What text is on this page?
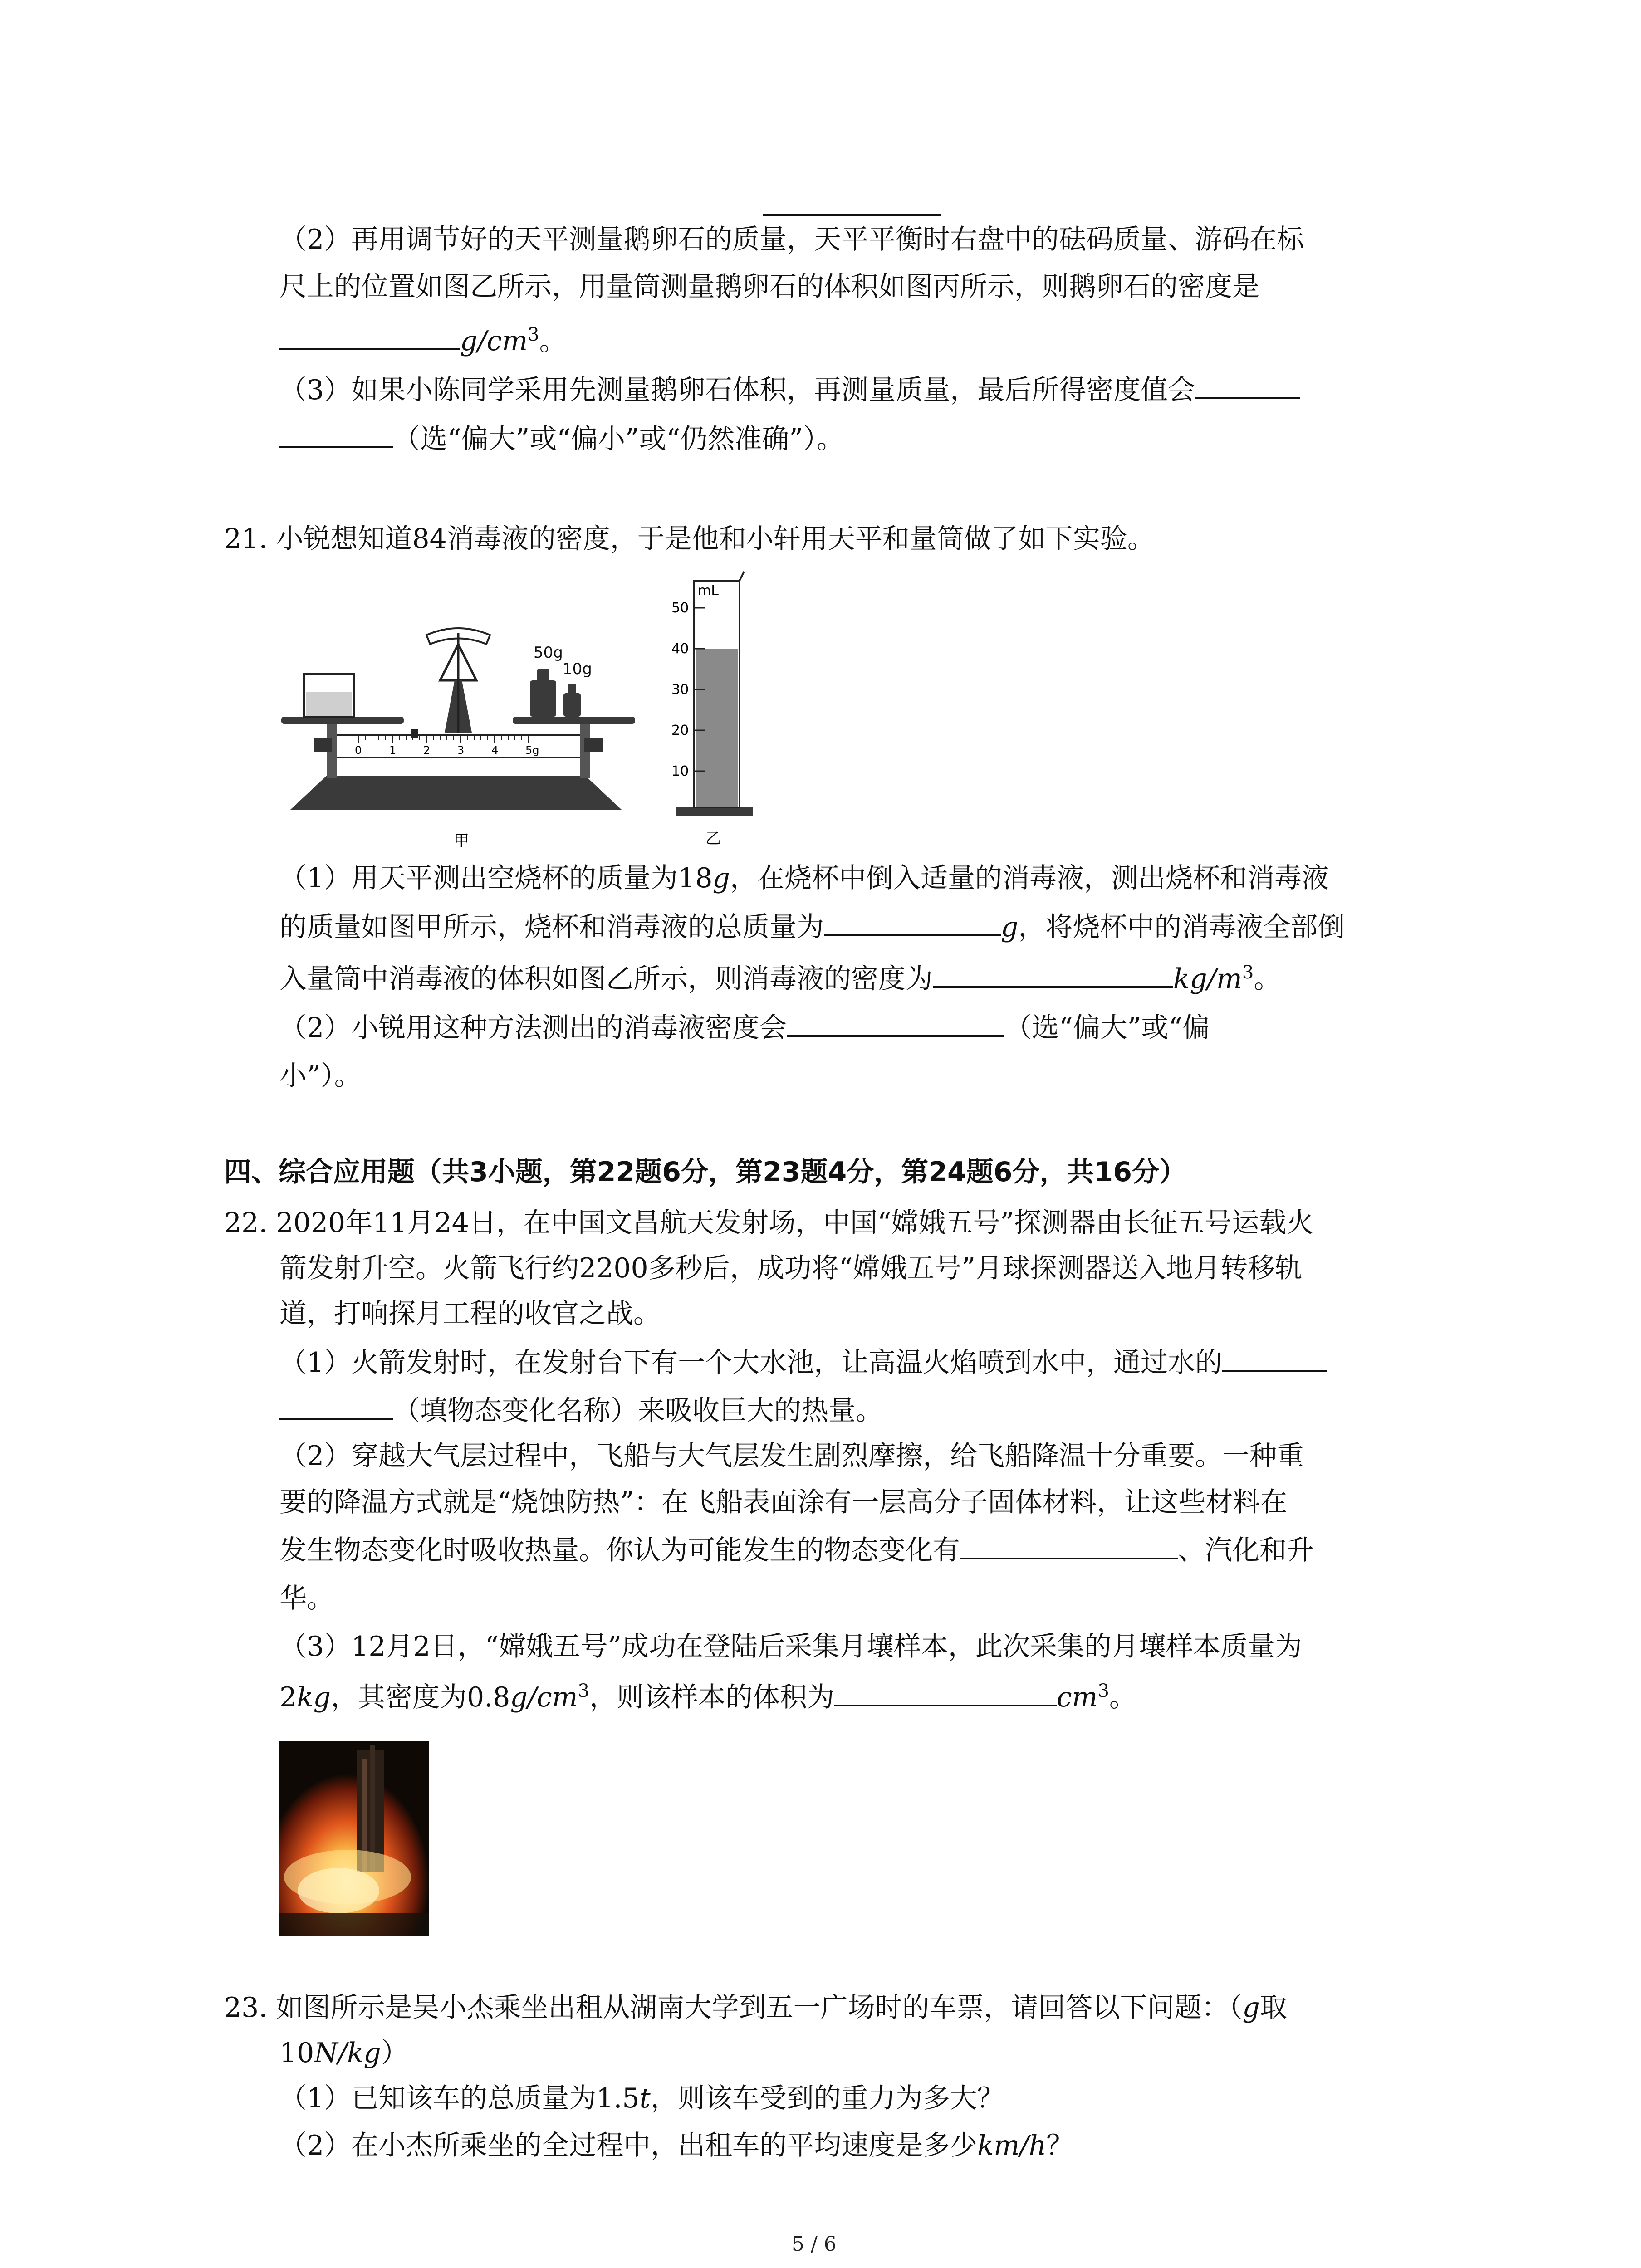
（2）再用调节好的天平测量鹅卵石的质量，天平平衡时右盘中的砝码质量、游码在标
尺上的位置如图乙所示，用量筒测量鹅卵石的体积如图丙所示，则鹅卵石的密度是
$g/cm^3$。
（3）如果小陈同学采用先测量鹅卵石体积，再测量质量，最后所得密度值会
（选“偏大”或“偏小”或“仍然准确”）。
21. 小锐想知道84消毒液的密度，于是他和小轩用天平和量筒做了如下实验。
50g
10g
0	1 2 3 4 5g
甲
mL
50
40
30
20
10
乙
（1）用天平测出空烧杯的质量为18g，在烧杯中倒入适量的消毒液，测出烧杯和消毒液
的质量如图甲所示，烧杯和消毒液的总质量为	g，将烧杯中的消毒液全部倒
入量筒中消毒液的体积如图乙所示，则消毒液的密度为	$kg/m^3$。
（2）小锐用这种方法测出的消毒液密度会	（选“偏大”或“偏
小”）。
四、综合应用题（共3小题，第22题6分，第23题4分，第24题6分，共16分）
22. 2020年11月24日，在中国文昌航天发射场，中国“嫦娥五号”探测器由长征五号运载火
箭发射升空。火箭飞行约2200多秒后，成功将“嫦娥五号”月球探测器送入地月转移轨
道，打响探月工程的收官之战。
（1）火箭发射时，在发射台下有一个大水池，让高温火焰喷到水中，通过水的
（填物态变化名称）来吸收巨大的热量。
（2）穿越大气层过程中，飞船与大气层发生剧烈摩擦，给飞船降温十分重要。一种重
要的降温方式就是“烧蚀防热”：在飞船表面涂有一层高分子固体材料，让这些材料在
发生物态变化时吸收热量。你认为可能发生的物态变化有	、汽化和升
华。
（3）12月2日，“嫦娥五号”成功在登陆后采集月壤样本，此次采集的月壤样本质量为
2kg，其密度为$0.8g/cm^3$，则该样本的体积为	$cm^3$。
23. 如图所示是吴小杰乘坐出租从湖南大学到五一广场时的车票，请回答以下问题：（g取
10N/kg）
（1）已知该车的总质量为1.5t，则该车受到的重力为多大？
（2）在小杰所乘坐的全过程中，出租车的平均速度是多少km/h？
5 / 6
